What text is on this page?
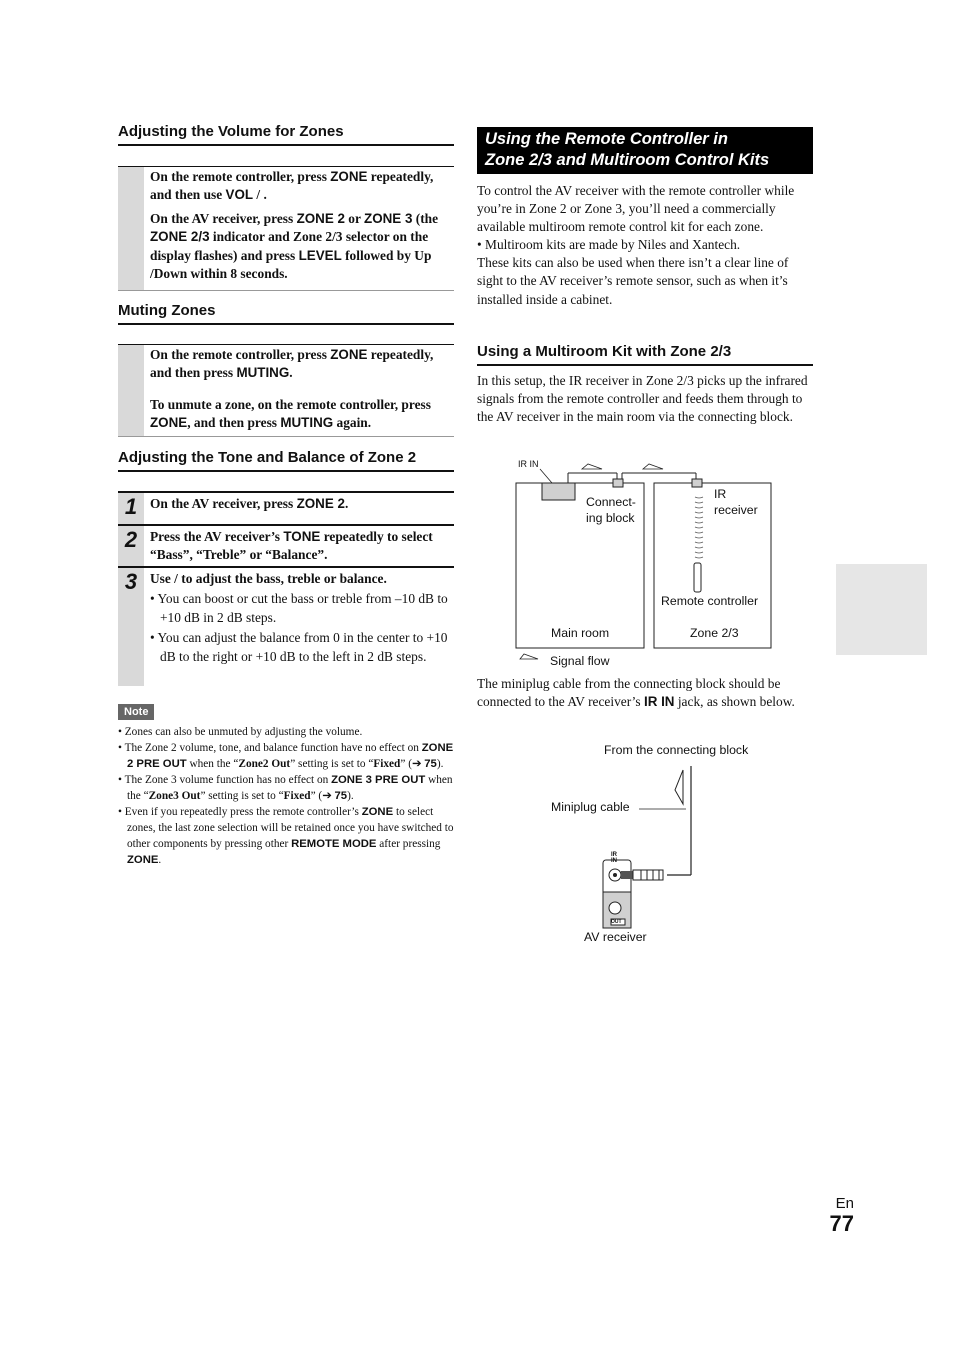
Adjusting the Volume for Zones

On the remote controller, press ZONE repeatedly, and then use VOL / .

On the AV receiver, press ZONE 2 or ZONE 3 (the ZONE 2/3 indicator and Zone 2/3 selector on the display flashes) and press LEVEL followed by Up /Down within 8 seconds.

Muting Zones

On the remote controller, press ZONE repeatedly, and then press MUTING.

To unmute a zone, on the remote controller, press ZONE, and then press MUTING again.

Adjusting the Tone and Balance of Zone 2
1 On the AV receiver, press ZONE 2.
2 Press the AV receiver’s TONE repeatedly to select “Bass”, “Treble” or “Balance”.
3 Use / to adjust the bass, treble or balance.

• You can boost or cut the bass or treble from –10 dB to +10 dB in 2 dB steps.

• You can adjust the balance from 0 in the center to +10 dB to the right or +10 dB to the left in 2 dB steps.

Note

• Zones can also be unmuted by adjusting the volume.

• The Zone 2 volume, tone, and balance function have no effect on ZONE 2 PRE OUT when the “Zone2 Out” setting is set to “Fixed” (➔ 75).

• The Zone 3 volume function has no effect on ZONE 3 PRE OUT when the “Zone3 Out” setting is set to “Fixed” (➔ 75).

• Even if you repeatedly press the remote controller’s ZONE to select zones, the last zone selection will be retained once you have switched to other components by pressing other REMOTE MODE after pressing ZONE.

Using the Remote Controller in
Zone 2/3 and Multiroom Control Kits

To control the AV receiver with the remote controller while you’re in Zone 2 or Zone 3, you’ll need a commercially available multiroom remote control kit for each zone.

• Multiroom kits are made by Niles and Xantech.

These kits can also be used when there isn’t a clear line of sight to the AV receiver’s remote sensor, such as when it’s installed inside a cabinet.

Using a Multiroom Kit with Zone 2/3

In this setup, the IR receiver in Zone 2/3 picks up the infrared signals from the remote controller and feeds them through to the AV receiver in the main room via the connecting block.

IR IN
Connect-
ing block
IR
receiver
Remote controller
Main room	Zone 2/3
Signal flow

The miniplug cable from the connecting block should be connected to the AV receiver’s IR IN jack, as shown below.

From the connecting block
Miniplug cable
IR
IN
OUT
AV receiver
En
77
